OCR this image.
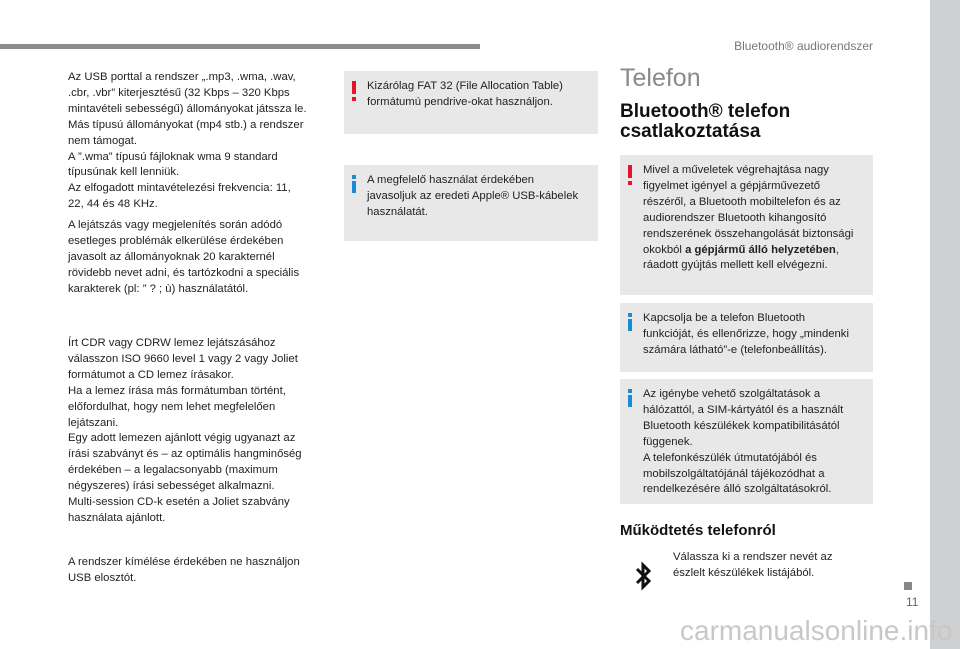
Bluetooth® audiorendszer
Az USB porttal a rendszer „.mp3, .wma, .wav,
.cbr, .vbr” kiterjesztésű (32 Kbps – 320 Kbps
mintavételi sebességű) állományokat játssza le.
Más típusú állományokat (mp4 stb.) a rendszer
nem támogat.
A ”.wma” típusú fájloknak wma 9 standard
típusúnak kell lenniük.
Az elfogadott mintavételezési frekvencia: 11,
22, 44 és 48 KHz.
A lejátszás vagy megjelenítés során adódó
esetleges problémák elkerülése érdekében
javasolt az állományoknak 20 karakternél
rövidebb nevet adni, és tartózkodni a speciális
karakterek (pl: ” ? ; ù) használatától.
Írt CDR vagy CDRW lemez lejátszásához
válasszon ISO 9660 level 1 vagy 2 vagy Joliet
formátumot a CD lemez írásakor.
Ha a lemez írása más formátumban történt,
előfordulhat, hogy nem lehet megfelelően
lejátszani.
Egy adott lemezen ajánlott végig ugyanazt az
írási szabványt és – az optimális hangminőség
érdekében – a legalacsonyabb (maximum
négyszeres) írási sebességet alkalmazni.
Multi-session CD-k esetén a Joliet szabvány
használata ajánlott.
A rendszer kímélése érdekében ne használjon
USB elosztót.
Kizárólag FAT 32 (File Allocation Table)
formátumú pendrive-okat használjon.
A megfelelő használat érdekében
javasoljuk az eredeti Apple® USB-kábelek
használatát.
Telefon
Bluetooth® telefon
csatlakoztatása
Mivel a műveletek végrehajtása nagy
figyelmet igényel a gépjárművezető
részéről, a Bluetooth mobiltelefon és az
audiorendszer Bluetooth kihangosító
rendszerének összehangolását biztonsági
okokból a gépjármű álló helyzetében,
ráadott gyújtás mellett kell elvégezni.
Kapcsolja be a telefon Bluetooth
funkcióját, és ellenőrizze, hogy „mindenki
számára látható”-e (telefonbeállítás).
Az igénybe vehető szolgáltatások a
hálózattól, a SIM-kártyától és a használt
Bluetooth készülékek kompatibilitásától
függenek.
A telefonkészülék útmutatójából és
mobilszolgáltatójánál tájékozódhat a
rendelkezésére álló szolgáltatásokról.
Működtetés telefonról
Válassza ki a rendszer nevét az
észlelt készülékek listájából.
11
carmanualsonline.info
